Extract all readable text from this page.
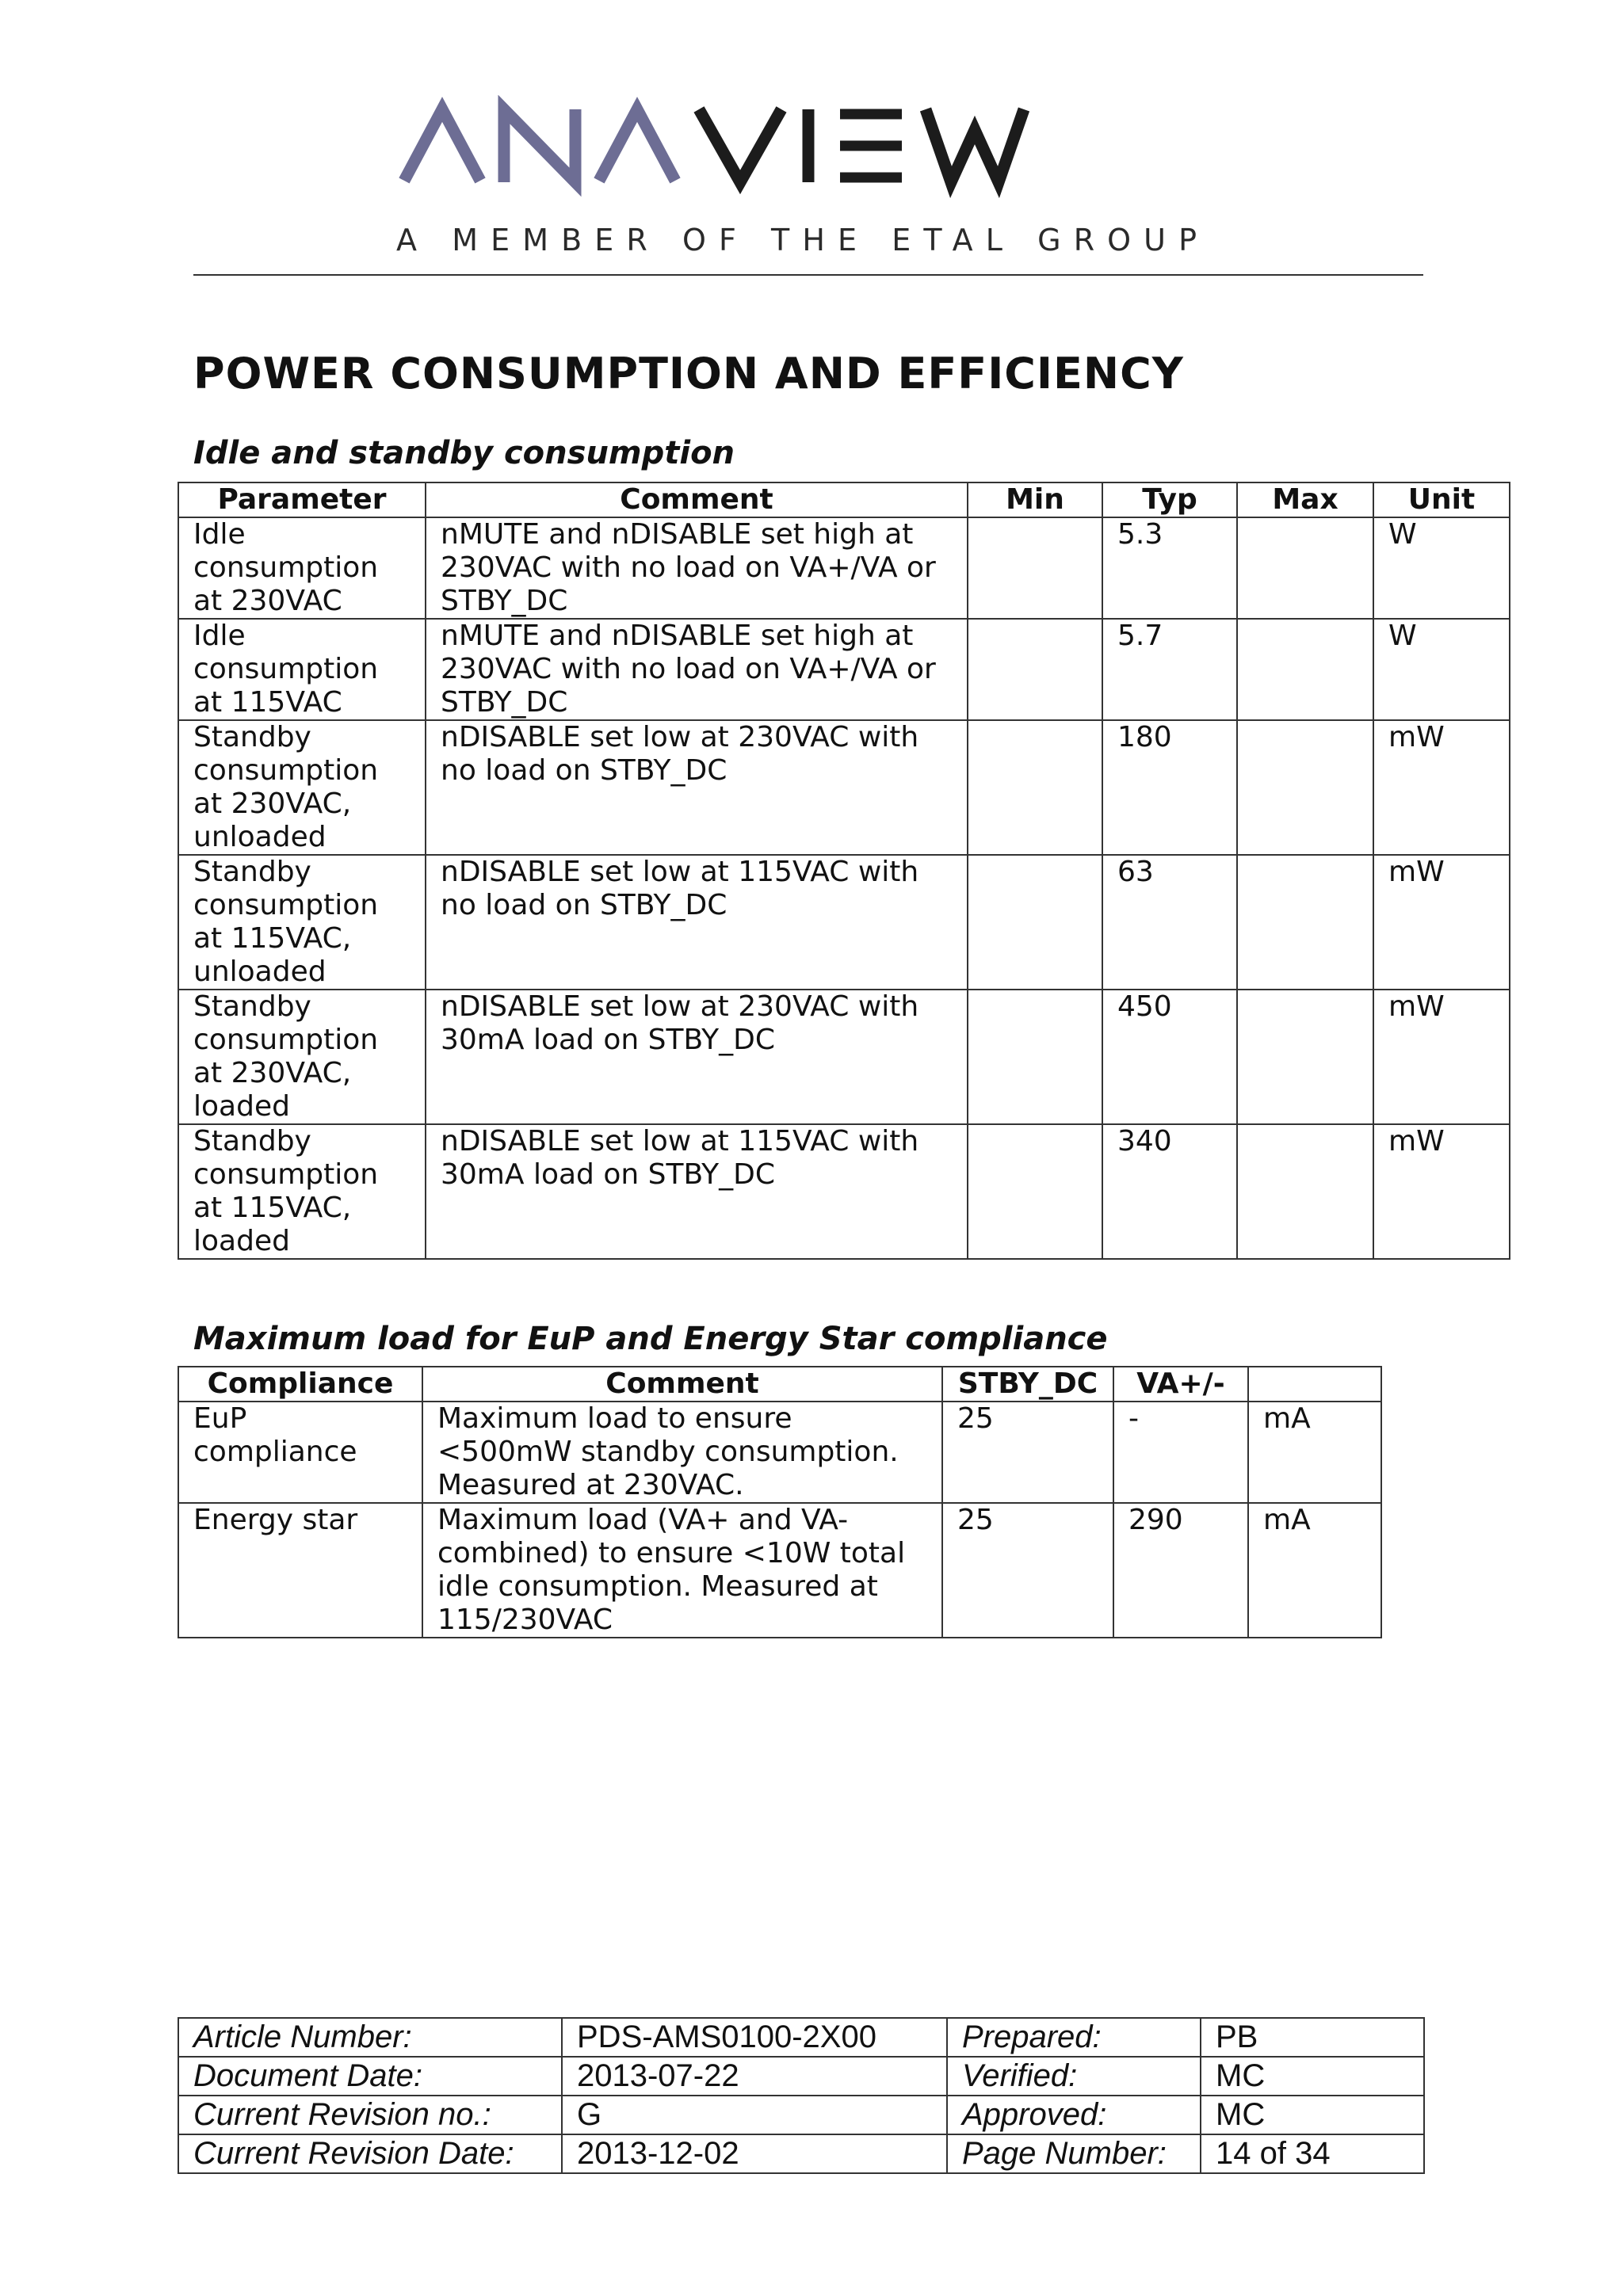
A MEMBER OF THE ETAL GROUP
POWER CONSUMPTION AND EFFICIENCY
Idle and standby consumption
Parameter	Comment	Min	Typ	Max	Unit
Idle consumption at 230VAC	nMUTE and nDISABLE set high at 230VAC with no load on VA+/VA or STBY_DC		5.3		W
Idle consumption at 115VAC	nMUTE and nDISABLE set high at 230VAC with no load on VA+/VA or STBY_DC		5.7		W
Standby consumption at 230VAC, unloaded	nDISABLE set low at 230VAC with no load on STBY_DC		180		mW
Standby consumption at 115VAC, unloaded	nDISABLE set low at 115VAC with no load on STBY_DC		63		mW
Standby consumption at 230VAC, loaded	nDISABLE set low at 230VAC with 30mA load on STBY_DC		450		mW
Standby consumption at 115VAC, loaded	nDISABLE set low at 115VAC with 30mA load on STBY_DC		340		mW
Maximum load for EuP and Energy Star compliance
Compliance	Comment	STBY_DC	VA+/-	
EuP compliance	Maximum load to ensure <500mW standby consumption. Measured at 230VAC.	25	-	mA
Energy star	Maximum load (VA+ and VA- combined) to ensure <10W total idle consumption. Measured at 115/230VAC	25	290	mA
Article Number:	PDS-AMS0100-2X00	Prepared:	PB
Document Date:	2013-07-22	Verified:	MC
Current Revision no.:	G	Approved:	MC
Current Revision Date:	2013-12-02	Page Number:	14 of 34
